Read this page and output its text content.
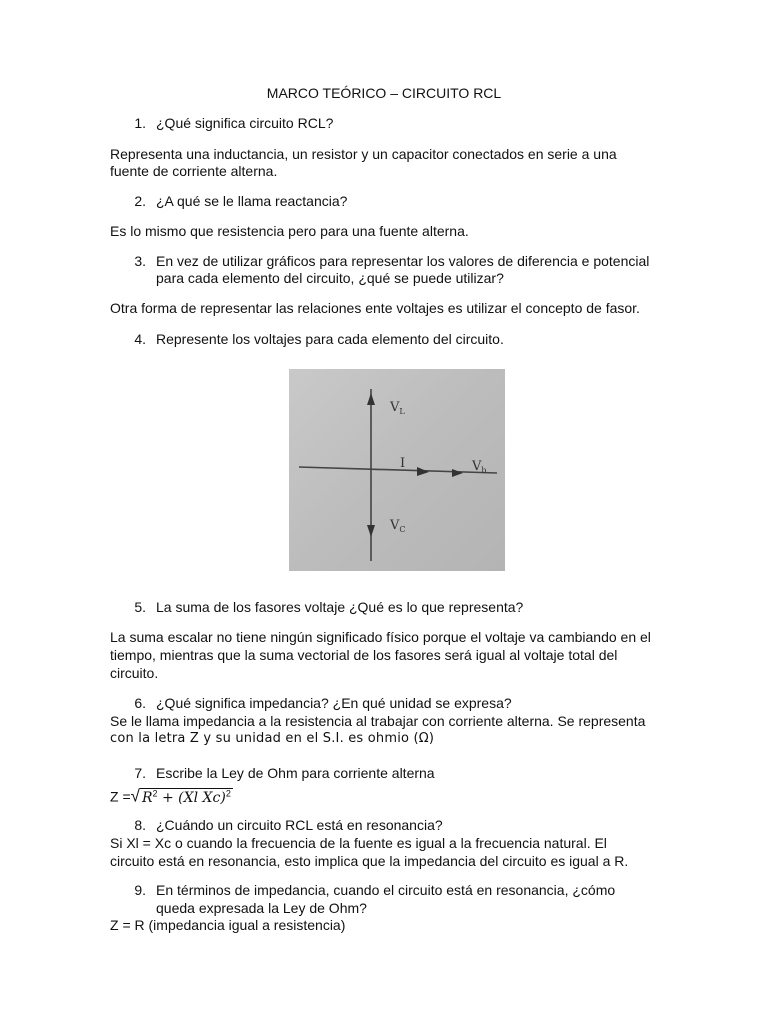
MARCO TEÓRICO – CIRCUITO RCL
1. ¿Qué significa circuito RCL?
Representa una inductancia, un resistor y un capacitor conectados en serie a una
fuente de corriente alterna.
2. ¿A qué se le llama reactancia?
Es lo mismo que resistencia pero para una fuente alterna.
3. En vez de utilizar gráficos para representar los valores de diferencia e potencial
para cada elemento del circuito, ¿qué se puede utilizar?
Otra forma de representar las relaciones ente voltajes es utilizar el concepto de fasor.
4. Represente los voltajes para cada elemento del circuito.
$V_L$
I	$V_b$
$V_C$
5. La suma de los fasores voltaje ¿Qué es lo que representa?
La suma escalar no tiene ningún significado físico porque el voltaje va cambiando en el
tiempo, mientras que la suma vectorial de los fasores será igual al voltaje total del
circuito.
6. ¿Qué significa impedancia? ¿En qué unidad se expresa?
Se le llama impedancia a la resistencia al trabajar con corriente alterna. Se representa
con la letra Z y su unidad en el S.I. es ohmio (Ω)
7. Escribe la Ley de Ohm para corriente alterna
Z =√ $R^2 + (Xl$ Xc)$^2$
8. ¿Cuándo un circuito RCL está en resonancia?
Si Xl = Xc o cuando la frecuencia de la fuente es igual a la frecuencia natural. El
circuito está en resonancia, esto implica que la impedancia del circuito es igual a R.
9. En términos de impedancia, cuando el circuito está en resonancia, ¿cómo
queda expresada la Ley de Ohm?
Z = R (impedancia igual a resistencia)
